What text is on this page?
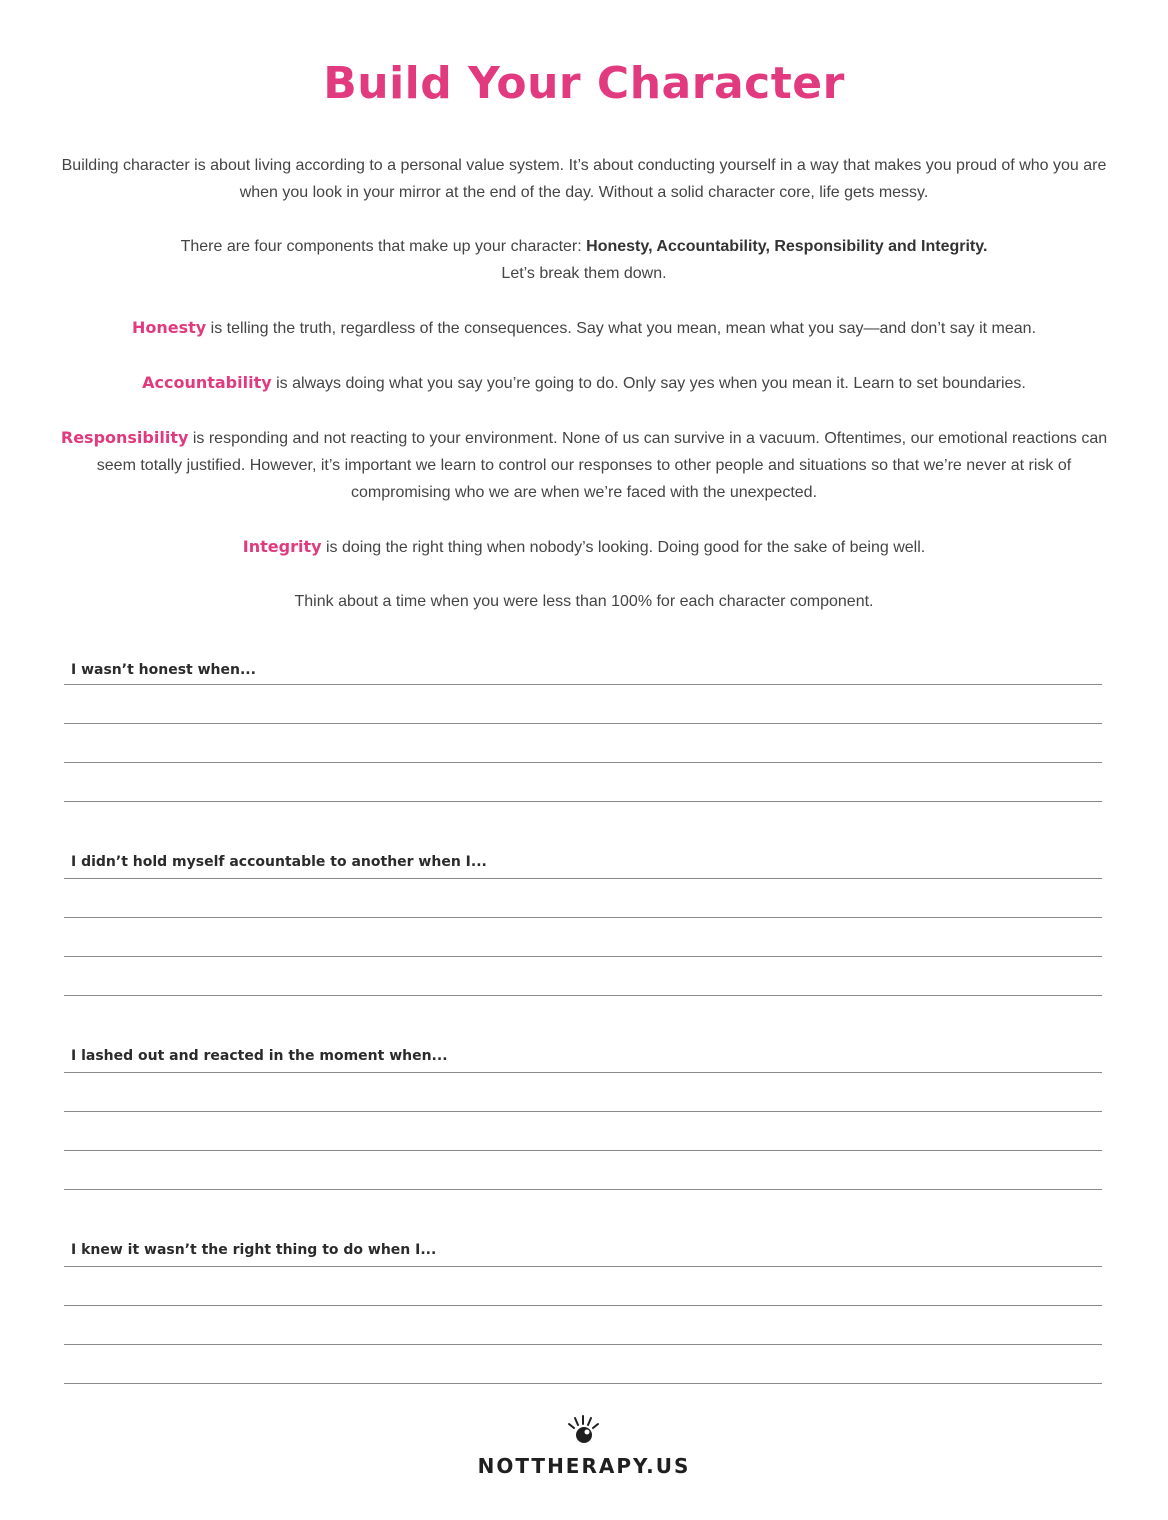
Build Your Character

Building character is about living according to a personal value system. It’s about conducting yourself in a way that makes you proud of who you are when you look in your mirror at the end of the day. Without a solid character core, life gets messy.

There are four components that make up your character: Honesty, Accountability, Responsibility and Integrity.
Let’s break them down.

Honesty is telling the truth, regardless of the consequences. Say what you mean, mean what you say—and don’t say it mean.

Accountability is always doing what you say you’re going to do. Only say yes when you mean it. Learn to set boundaries.

Responsibility is responding and not reacting to your environment. None of us can survive in a vacuum. Oftentimes, our emotional reactions can seem totally justified. However, it’s important we learn to control our responses to other people and situations so that we’re never at risk of compromising who we are when we’re faced with the unexpected.

Integrity is doing the right thing when nobody’s looking. Doing good for the sake of being well.

Think about a time when you were less than 100% for each character component.

I wasn’t honest when...
I didn’t hold myself accountable to another when I...
I lashed out and reacted in the moment when...
I knew it wasn’t the right thing to do when I...
NOTTHERAPY.US
